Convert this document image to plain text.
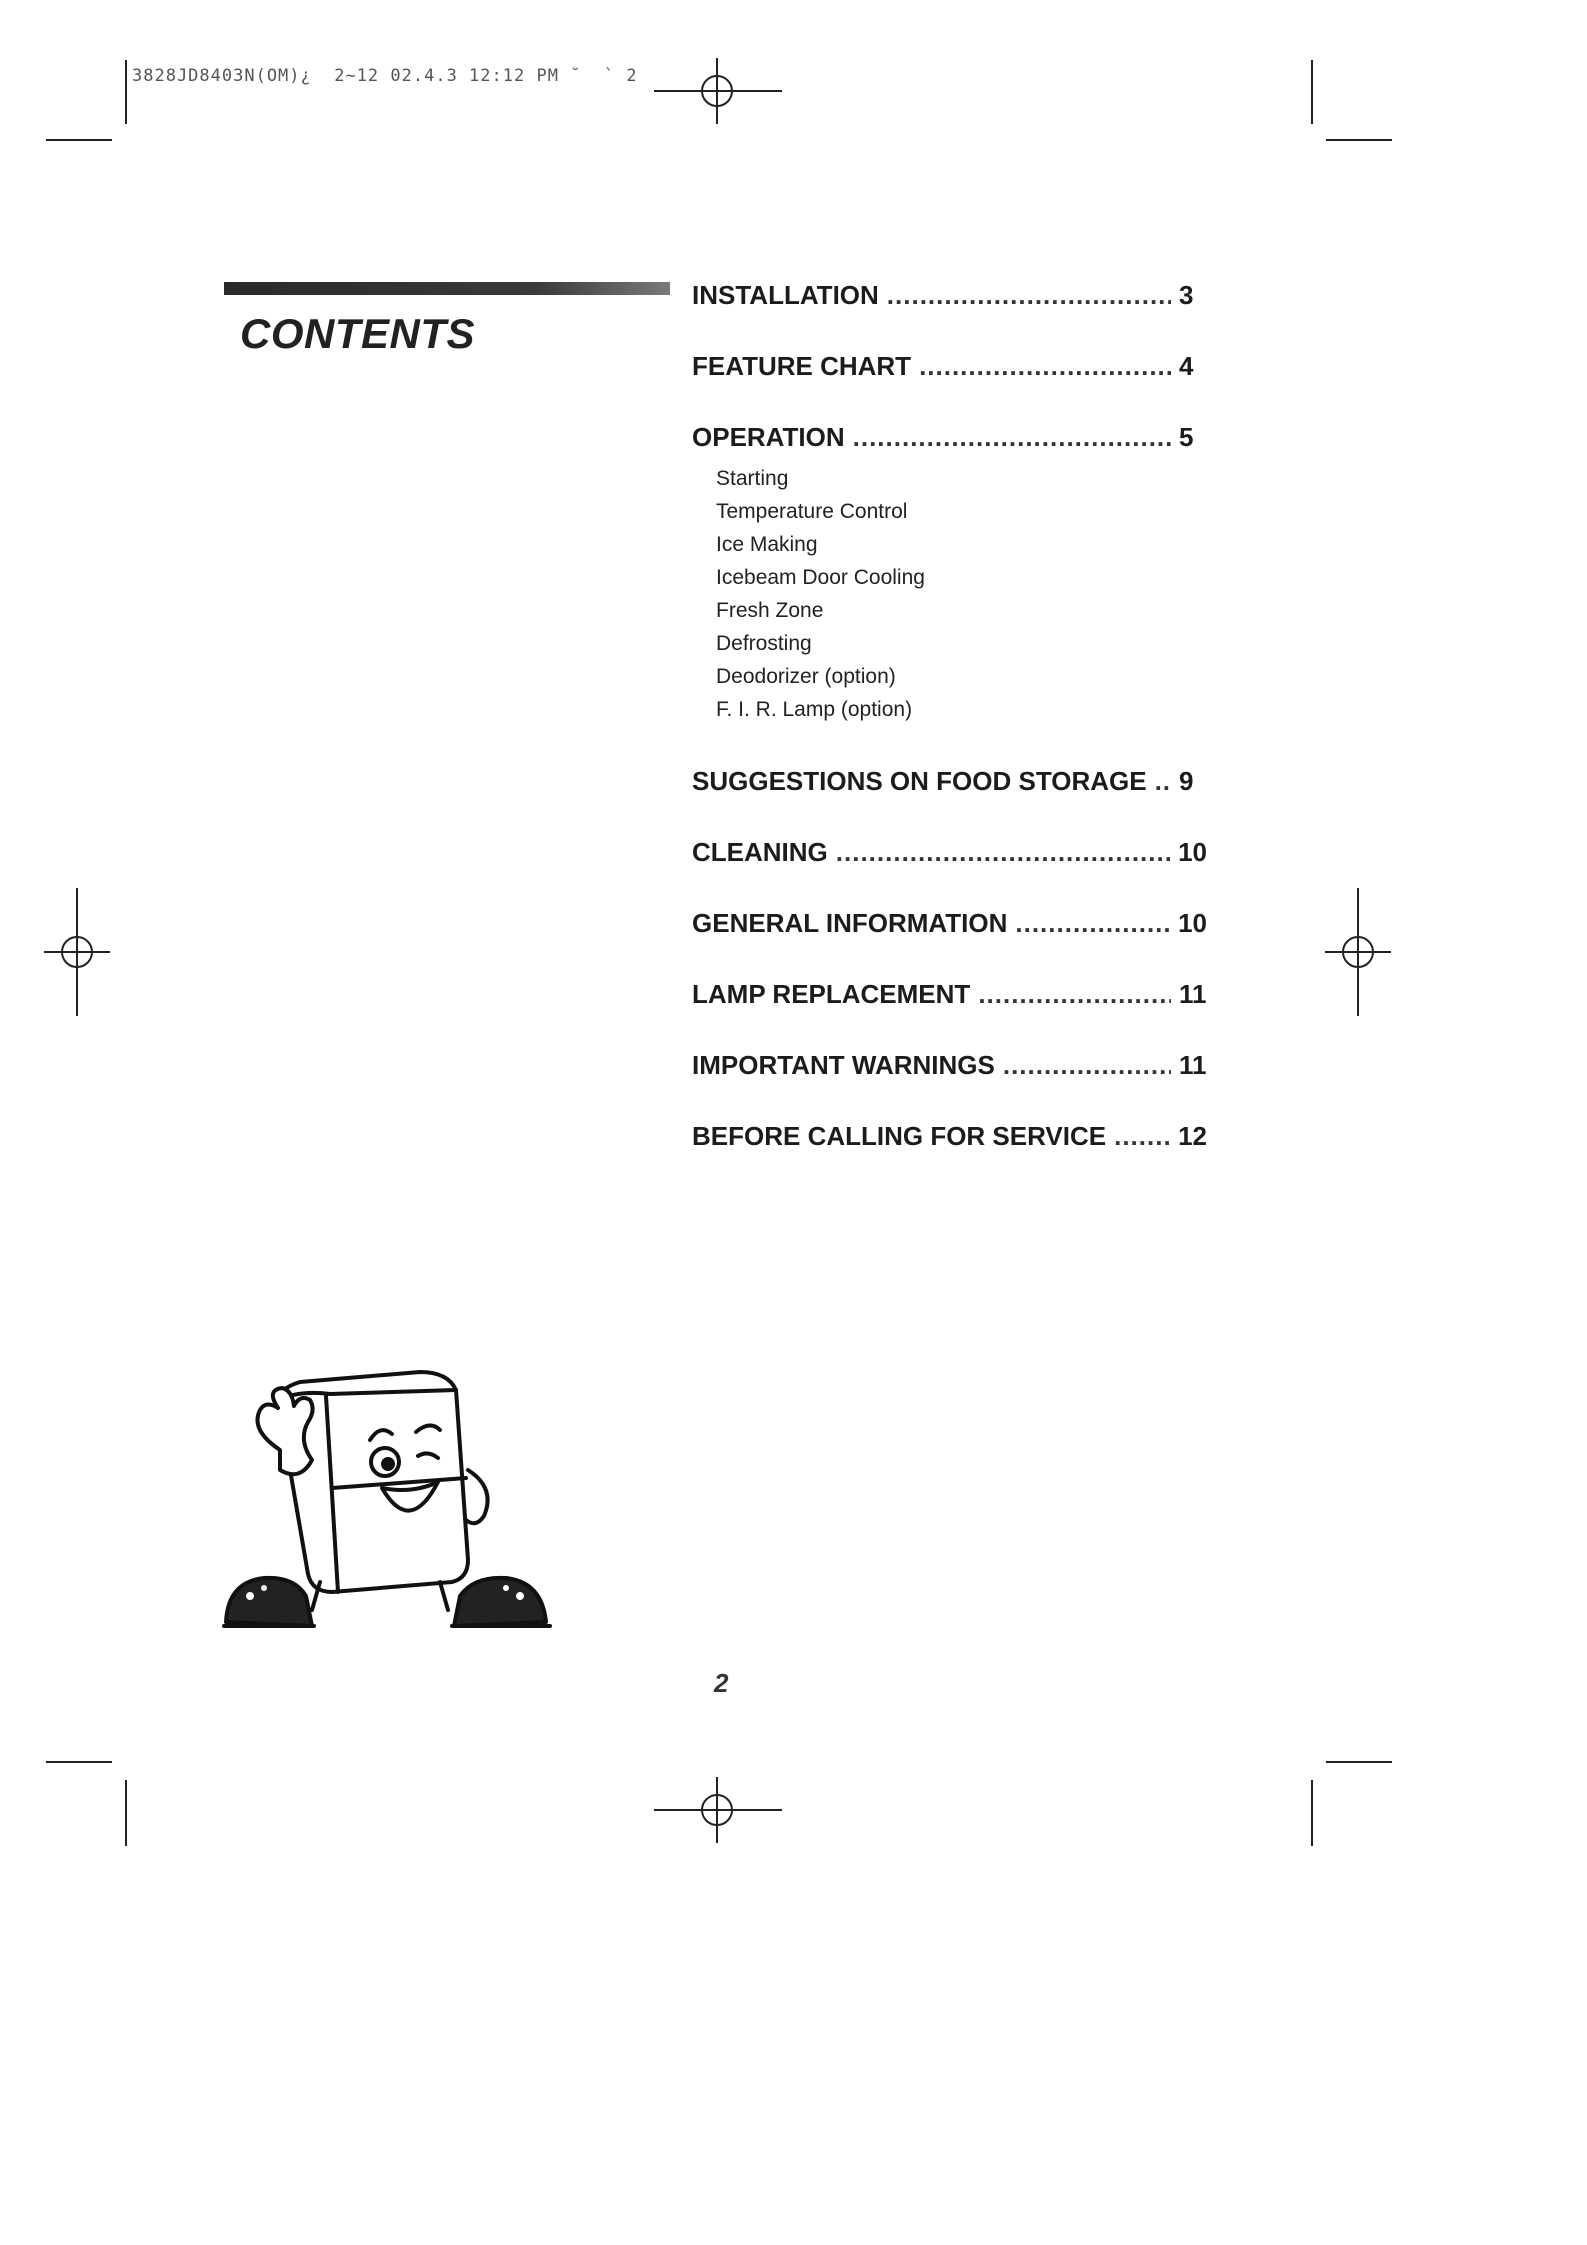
3828JD8403N(OM)¿  2~12 02.4.3 12:12 PM ˘  ` 2
CONTENTS
INSTALLATION .....	3
FEATURE CHART .....	4
OPERATION .....	5
Starting
Temperature Control
Ice Making
Icebeam Door Cooling
Fresh Zone
Defrosting
Deodorizer (option)
F. I. R. Lamp (option)
SUGGESTIONS ON FOOD STORAGE .....	9
CLEANING .....	10
GENERAL INFORMATION .....	10
LAMP REPLACEMENT .....	11
IMPORTANT WARNINGS .....	11
BEFORE CALLING FOR SERVICE .....	12
2
